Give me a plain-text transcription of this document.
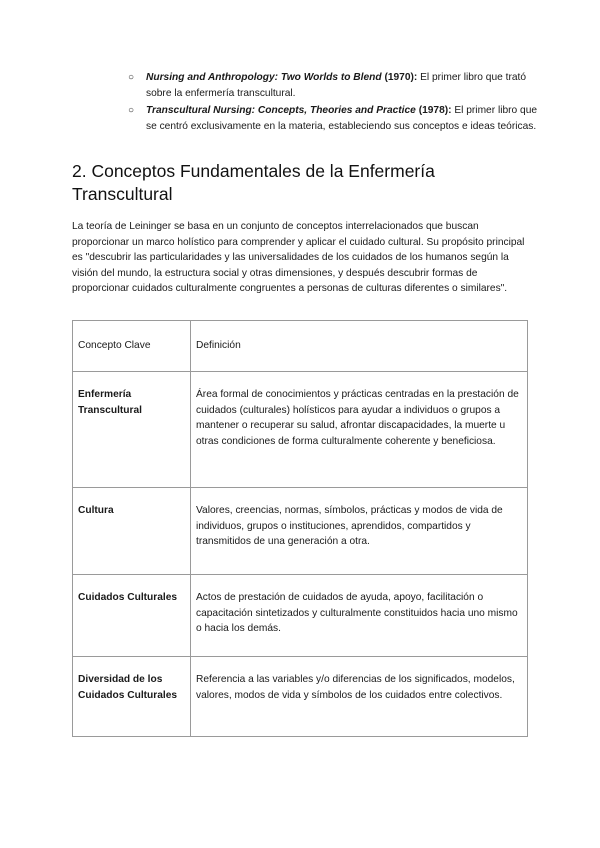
○ Nursing and Anthropology: Two Worlds to Blend (1970): El primer libro que trató sobre la enfermería transcultural.
○ Transcultural Nursing: Concepts, Theories and Practice (1978): El primer libro que se centró exclusivamente en la materia, estableciendo sus conceptos e ideas teóricas.
2. Conceptos Fundamentales de la Enfermería Transcultural

La teoría de Leininger se basa en un conjunto de conceptos interrelacionados que buscan proporcionar un marco holístico para comprender y aplicar el cuidado cultural. Su propósito principal es "descubrir las particularidades y las universalidades de los cuidados de los humanos según la visión del mundo, la estructura social y otras dimensiones, y después descubrir formas de proporcionar cuidados culturalmente congruentes a personas de culturas diferentes o similares".

Concepto Clave	Definición
Enfermería Transcultural	Área formal de conocimientos y prácticas centradas en la prestación de cuidados (culturales) holísticos para ayudar a individuos o grupos a mantener o recuperar su salud, afrontar discapacidades, la muerte u otras condiciones de forma culturalmente coherente y beneficiosa.
Cultura	Valores, creencias, normas, símbolos, prácticas y modos de vida de individuos, grupos o instituciones, aprendidos, compartidos y transmitidos de una generación a otra.
Cuidados Culturales	Actos de prestación de cuidados de ayuda, apoyo, facilitación o capacitación sintetizados y culturalmente constituidos hacia uno mismo o hacia los demás.
Diversidad de los Cuidados Culturales	Referencia a las variables y/o diferencias de los significados, modelos, valores, modos de vida y símbolos de los cuidados entre colectivos.
